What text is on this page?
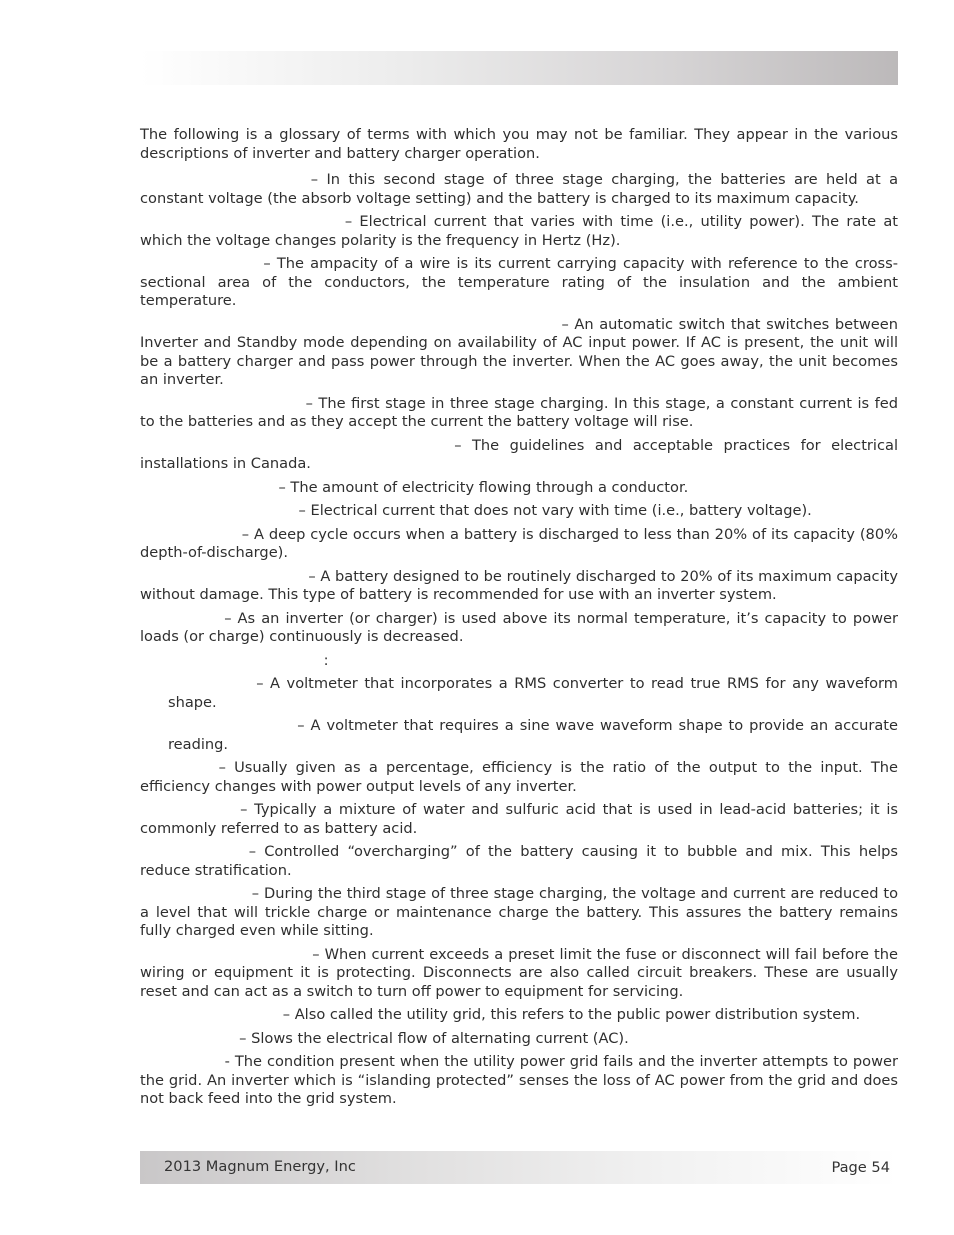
The following is a glossary of terms with which you may not be familiar. They appear in the various descriptions of inverter and battery charger operation.

– In this second stage of three stage charging, the batteries are held at a constant voltage (the absorb voltage setting) and the battery is charged to its maximum capacity.

– Electrical current that varies with time (i.e., utility power). The rate at which the voltage changes polarity is the frequency in Hertz (Hz).

– The ampacity of a wire is its current carrying capacity with reference to the cross-sectional area of the conductors, the temperature rating of the insulation and the ambient temperature.

– An automatic switch that switches between Inverter and Standby mode depending on availability of AC input power. If AC is present, the unit will be a battery charger and pass power through the inverter. When the AC goes away, the unit becomes an inverter.

– The first stage in three stage charging. In this stage, a constant current is fed to the batteries and as they accept the current the battery voltage will rise.

– The guidelines and acceptable practices for electrical installations in Canada.

– The amount of electricity flowing through a conductor.

– Electrical current that does not vary with time (i.e., battery voltage).

– A deep cycle occurs when a battery is discharged to less than 20% of its capacity (80% depth-of-discharge).

– A battery designed to be routinely discharged to 20% of its maximum capacity without damage. This type of battery is recommended for use with an inverter system.

– As an inverter (or charger) is used above its normal temperature, it’s capacity to power loads (or charge) continuously is decreased.

:

– A voltmeter that incorporates a RMS converter to read true RMS for any waveform shape.

– A voltmeter that requires a sine wave waveform shape to provide an accurate reading.

– Usually given as a percentage, efficiency is the ratio of the output to the input. The efficiency changes with power output levels of any inverter.

– Typically a mixture of water and sulfuric acid that is used in lead-acid batteries; it is commonly referred to as battery acid.

– Controlled “overcharging” of the battery causing it to bubble and mix. This helps reduce stratification.

– During the third stage of three stage charging, the voltage and current are reduced to a level that will trickle charge or maintenance charge the battery. This assures the battery remains fully charged even while sitting.

– When current exceeds a preset limit the fuse or disconnect will fail before the wiring or equipment it is protecting. Disconnects are also called circuit breakers. These are usually reset and can act as a switch to turn off power to equipment for servicing.

– Also called the utility grid, this refers to the public power distribution system.

– Slows the electrical flow of alternating current (AC).

- The condition present when the utility power grid fails and the inverter attempts to power the grid. An inverter which is “islanding protected” senses the loss of AC power from the grid and does not back feed into the grid system.

2013 Magnum Energy, Inc	Page 54
